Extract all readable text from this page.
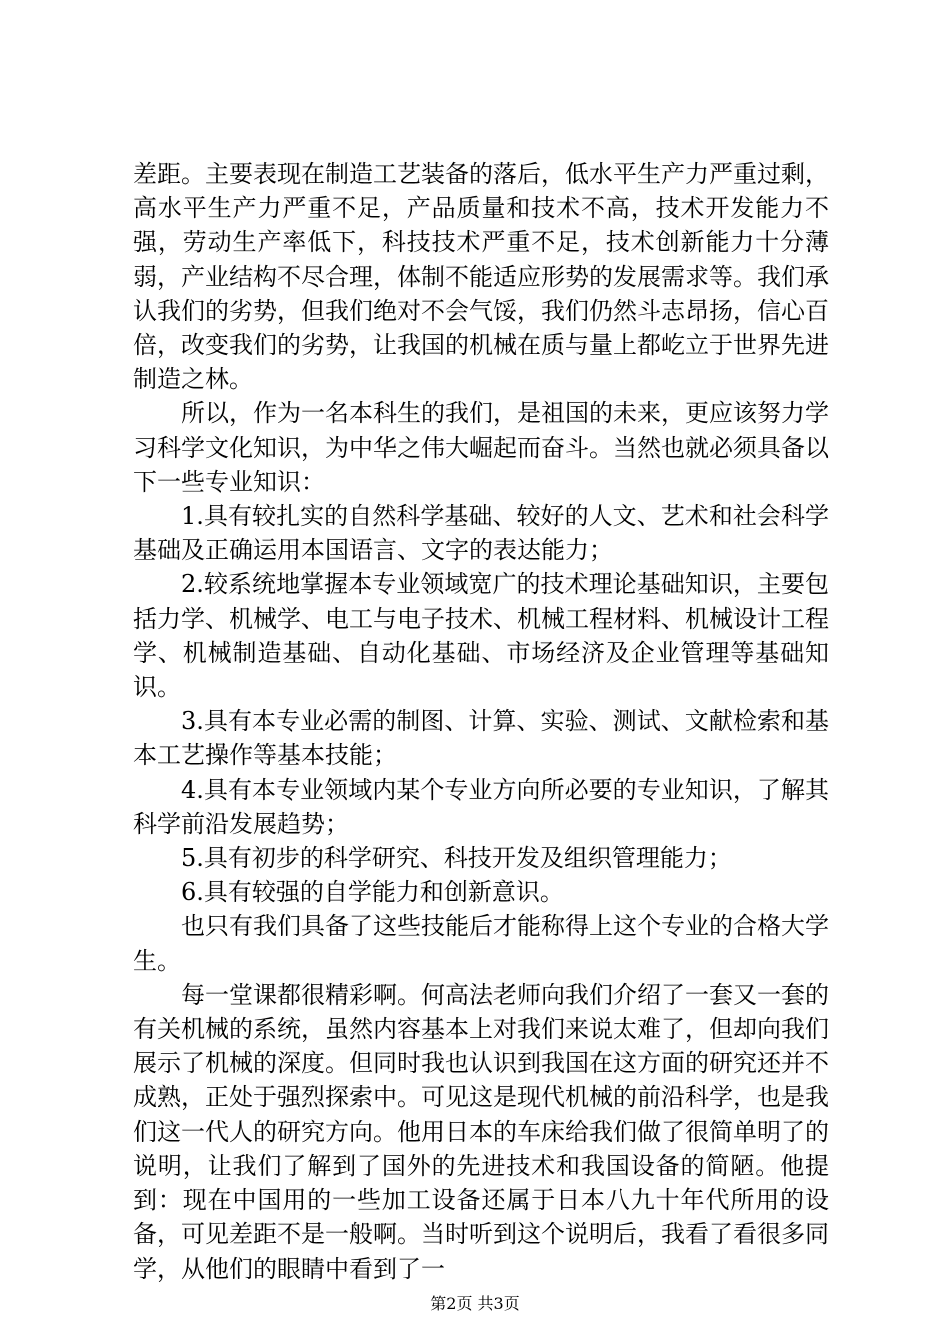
差距。主要表现在制造工艺装备的落后，低水平生产力严重过剩，高水平生产力严重不足，产品质量和技术不高，技术开发能力不强，劳动生产率低下，科技技术严重不足，技术创新能力十分薄弱，产业结构不尽合理，体制不能适应形势的发展需求等。我们承认我们的劣势，但我们绝对不会气馁，我们仍然斗志昂扬，信心百倍，改变我们的劣势，让我国的机械在质与量上都屹立于世界先进制造之林。

所以，作为一名本科生的我们，是祖国的未来，更应该努力学习科学文化知识，为中华之伟大崛起而奋斗。当然也就必须具备以下一些专业知识：

1.具有较扎实的自然科学基础、较好的人文、艺术和社会科学基础及正确运用本国语言、文字的表达能力；

2.较系统地掌握本专业领域宽广的技术理论基础知识，主要包括力学、机械学、电工与电子技术、机械工程材料、机械设计工程学、机械制造基础、自动化基础、市场经济及企业管理等基础知识。

3.具有本专业必需的制图、计算、实验、测试、文献检索和基本工艺操作等基本技能；

4.具有本专业领域内某个专业方向所必要的专业知识，了解其科学前沿发展趋势；

5.具有初步的科学研究、科技开发及组织管理能力；

6.具有较强的自学能力和创新意识。

也只有我们具备了这些技能后才能称得上这个专业的合格大学生。

每一堂课都很精彩啊。何高法老师向我们介绍了一套又一套的有关机械的系统，虽然内容基本上对我们来说太难了，但却向我们展示了机械的深度。但同时我也认识到我国在这方面的研究还并不成熟，正处于强烈探索中。可见这是现代机械的前沿科学，也是我们这一代人的研究方向。他用日本的车床给我们做了很简单明了的说明，让我们了解到了国外的先进技术和我国设备的简陋。他提到：现在中国用的一些加工设备还属于日本八九十年代所用的设备，可见差距不是一般啊。当时听到这个说明后，我看了看很多同学，从他们的眼睛中看到了一

第2页 共3页
